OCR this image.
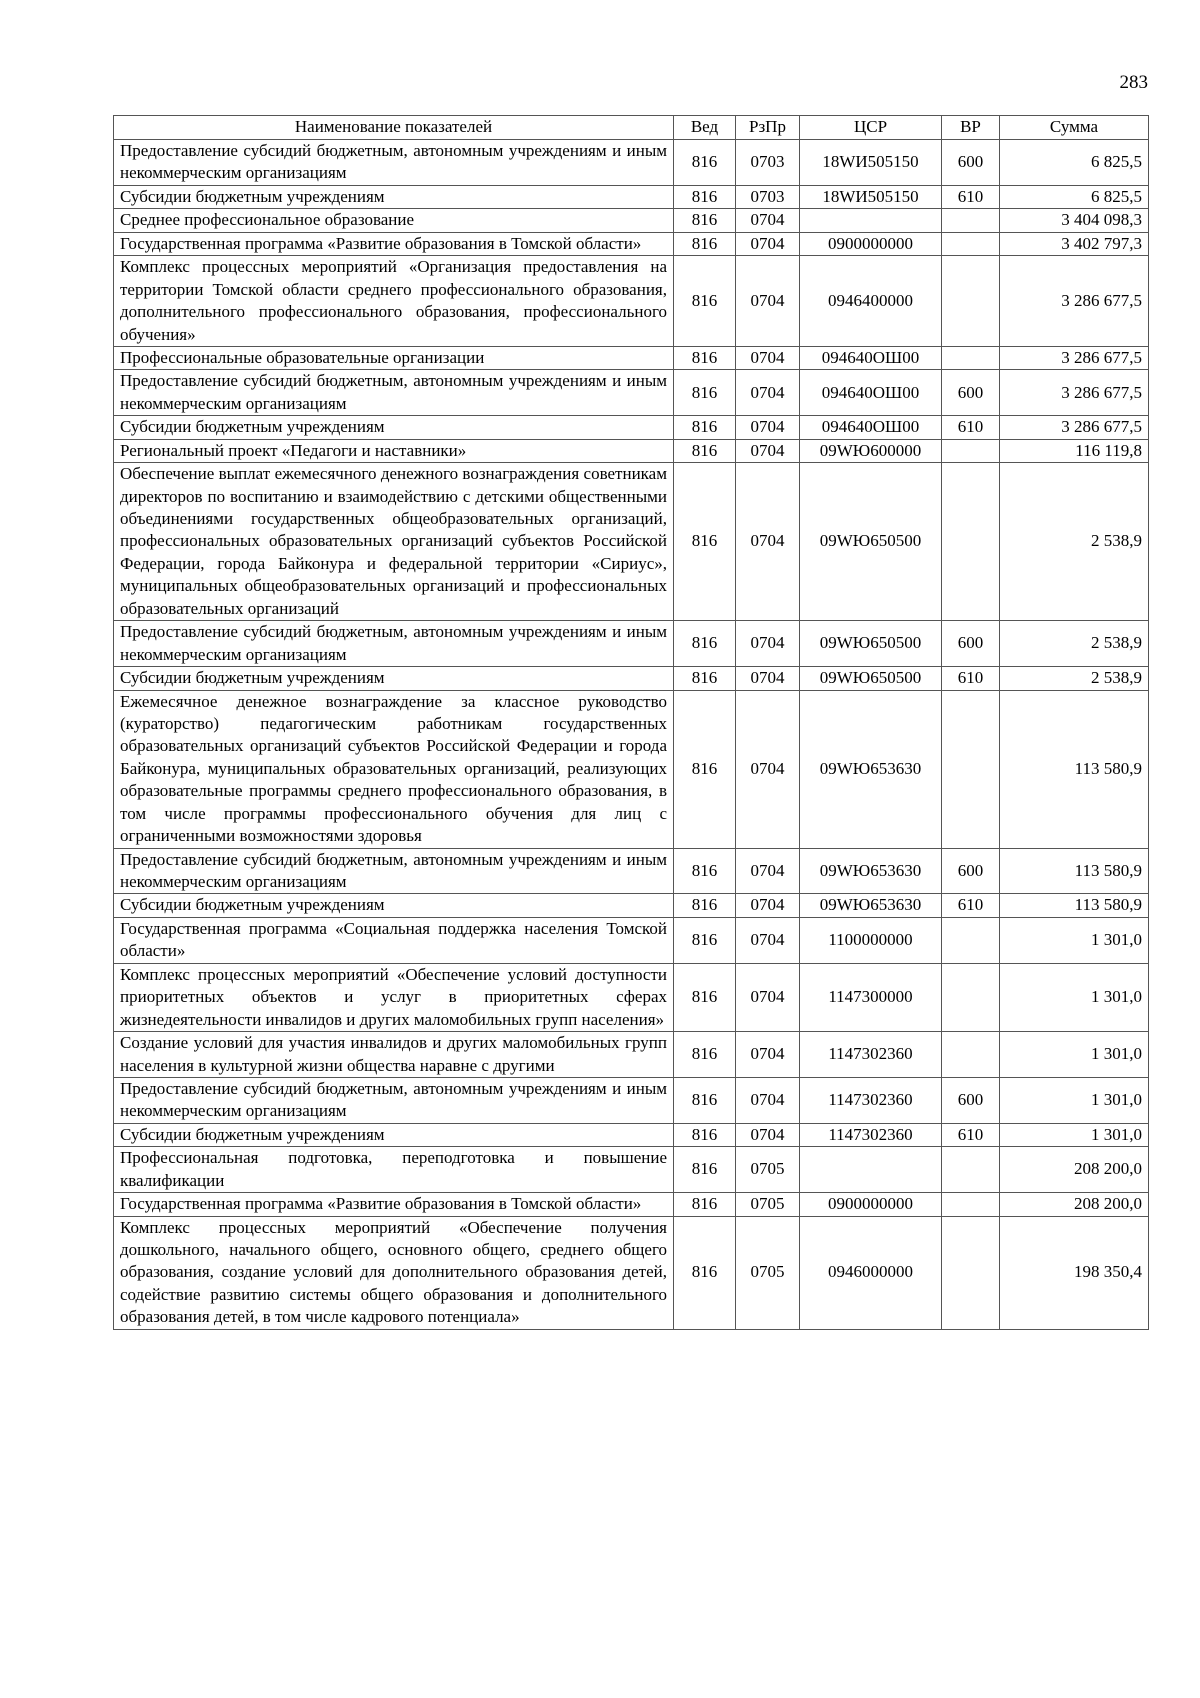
283
Наименование показателей	Вед	РзПр	ЦСР	ВР	Сумма
Предоставление субсидий бюджетным, автономным учреждениям и иным некоммерческим организациям	816	0703	18WИ505150	600	6 825,5
Субсидии бюджетным учреждениям	816	0703	18WИ505150	610	6 825,5
Среднее профессиональное образование	816	0704			3 404 098,3
Государственная программа «Развитие образования в Томской области»	816	0704	0900000000		3 402 797,3
Комплекс процессных мероприятий «Организация предоставления на территории Томской области среднего профессионального образования, дополнительного профессионального образования, профессионального обучения»	816	0704	0946400000		3 286 677,5
Профессиональные образовательные организации	816	0704	094640ОШ00		3 286 677,5
Предоставление субсидий бюджетным, автономным учреждениям и иным некоммерческим организациям	816	0704	094640ОШ00	600	3 286 677,5
Субсидии бюджетным учреждениям	816	0704	094640ОШ00	610	3 286 677,5
Региональный проект «Педагоги и наставники»	816	0704	09WЮ600000		116 119,8
Обеспечение выплат ежемесячного денежного вознаграждения советникам директоров по воспитанию и взаимодействию с детскими общественными объединениями государственных общеобразовательных организаций, профессиональных образовательных организаций субъектов Российской Федерации, города Байконура и федеральной территории «Сириус», муниципальных общеобразовательных организаций и профессиональных образовательных организаций	816	0704	09WЮ650500		2 538,9
Предоставление субсидий бюджетным, автономным учреждениям и иным некоммерческим организациям	816	0704	09WЮ650500	600	2 538,9
Субсидии бюджетным учреждениям	816	0704	09WЮ650500	610	2 538,9
Ежемесячное денежное вознаграждение за классное руководство (кураторство) педагогическим работникам государственных образовательных организаций субъектов Российской Федерации и города Байконура, муниципальных образовательных организаций, реализующих образовательные программы среднего профессионального образования, в том числе программы профессионального обучения для лиц с ограниченными возможностями здоровья	816	0704	09WЮ653630		113 580,9
Предоставление субсидий бюджетным, автономным учреждениям и иным некоммерческим организациям	816	0704	09WЮ653630	600	113 580,9
Субсидии бюджетным учреждениям	816	0704	09WЮ653630	610	113 580,9
Государственная программа «Социальная поддержка населения Томской области»	816	0704	1100000000		1 301,0
Комплекс процессных мероприятий «Обеспечение условий доступности приоритетных объектов и услуг в приоритетных сферах жизнедеятельности инвалидов и других маломобильных групп населения»	816	0704	1147300000		1 301,0
Создание условий для участия инвалидов и других маломобильных групп населения в культурной жизни общества наравне с другими	816	0704	1147302360		1 301,0
Предоставление субсидий бюджетным, автономным учреждениям и иным некоммерческим организациям	816	0704	1147302360	600	1 301,0
Субсидии бюджетным учреждениям	816	0704	1147302360	610	1 301,0
Профессиональная подготовка, переподготовка и повышение квалификации	816	0705			208 200,0
Государственная программа «Развитие образования в Томской области»	816	0705	0900000000		208 200,0
Комплекс процессных мероприятий «Обеспечение получения дошкольного, начального общего, основного общего, среднего общего образования, создание условий для дополнительного образования детей, содействие развитию системы общего образования и дополнительного образования детей, в том числе кадрового потенциала»	816	0705	0946000000		198 350,4
